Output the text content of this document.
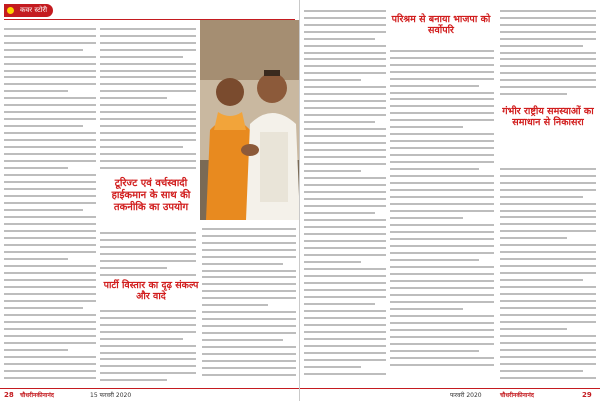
कवर स्टोरी
टूरिज्ट एवं वर्चस्वादी हाईकमान के साथ की तकनीकि का उपयोग
पार्टी विस्तार का दृढ़ संकल्प और वादे
28 चौधरीनकीनानंद	15 फरवरी 2020
परिश्रम से बनाया भाजपा को सर्वोपरि
गंभीर राष्ट्रीय समस्याओं का समाधान से निकासरा
फरवरी 2020	चौधरीनकीनानंद	29
